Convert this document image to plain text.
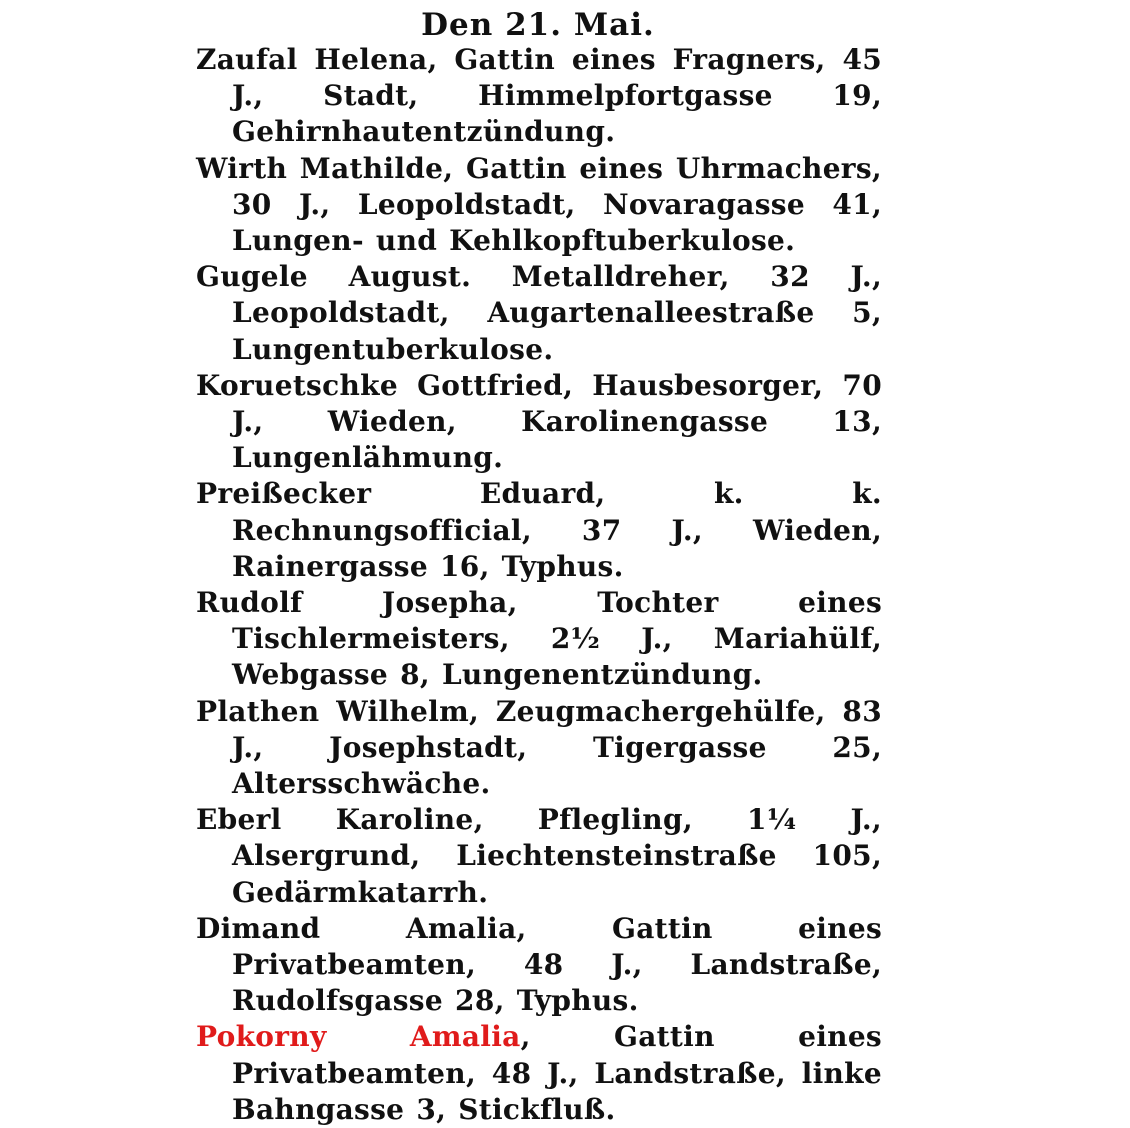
Den 21. Mai.
Zaufal Helena, Gattin eines Fragners, 45 J., Stadt, Himmelpfortgasse 19, Gehirnhautentzündung.
Wirth Mathilde, Gattin eines Uhrmachers, 30 J., Leopoldstadt, Novaragasse 41, Lungen- und Kehlkopftuberkulose.
Gugele August. Metalldreher, 32 J., Leopoldstadt, Augartenalleestraße 5, Lungentuberkulose.
Koruetschke Gottfried, Hausbesorger, 70 J., Wieden, Karolinengasse 13, Lungenlähmung.
Preißecker Eduard, k. k. Rechnungsofficial, 37 J., Wieden, Rainergasse 16, Typhus.
Rudolf Josepha, Tochter eines Tischlermeisters, 2½ J., Mariahülf, Webgasse 8, Lungenentzündung.
Plathen Wilhelm, Zeugmachergehülfe, 83 J., Josephstadt, Tigergasse 25, Altersschwäche.
Eberl Karoline, Pflegling, 1¼ J., Alsergrund, Liechtensteinstraße 105, Gedärmkatarrh.
Dimand Amalia, Gattin eines Privatbeamten, 48 J., Landstraße, Rudolfsgasse 28, Typhus.
Pokorny Amalia, Gattin eines Privatbeamten, 48 J., Landstraße, linke Bahngasse 3, Stickfluß.
